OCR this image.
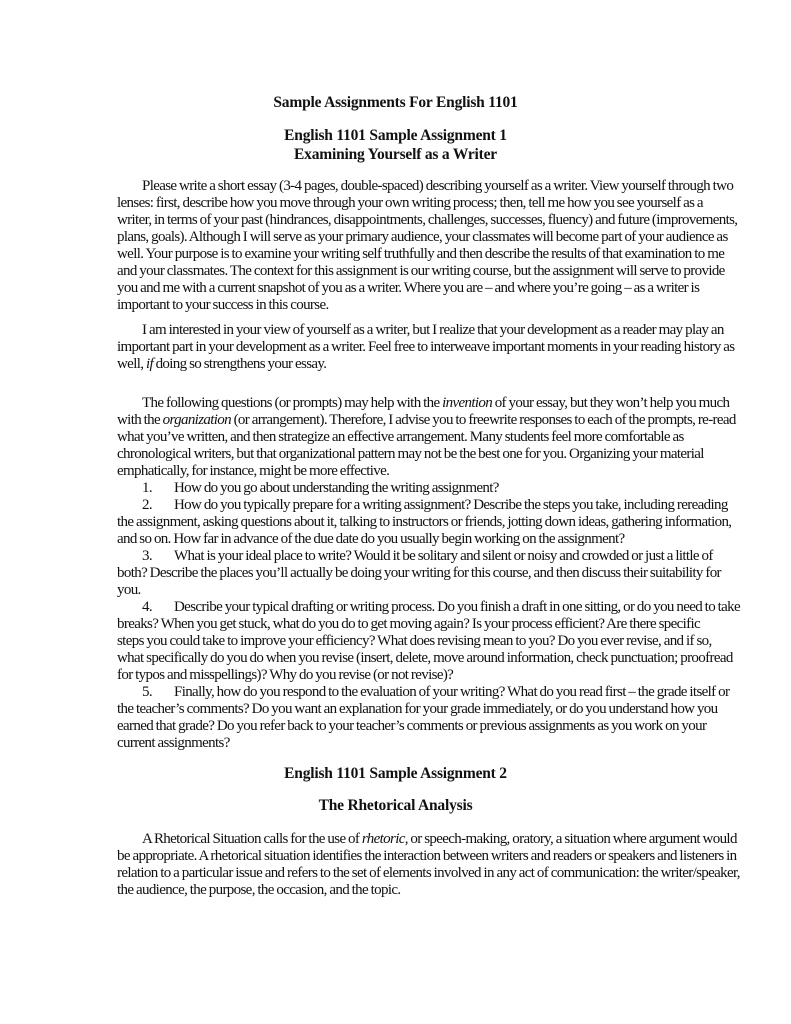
Sample Assignments For English 1101
English 1101 Sample Assignment 1
Examining Yourself as a Writer
Please write a short essay (3-4 pages, double-spaced) describing yourself as a writer. View yourself through two
lenses: first, describe how you move through your own writing process; then, tell me how you see yourself as a
writer, in terms of your past (hindrances, disappointments, challenges, successes, fluency) and future (improvements,
plans, goals). Although I will serve as your primary audience, your classmates will become part of your audience as
well. Your purpose is to examine your writing self truthfully and then describe the results of that examination to me
and your classmates. The context for this assignment is our writing course, but the assignment will serve to provide
you and me with a current snapshot of you as a writer. Where you are – and where you’re going – as a writer is
important to your success in this course.
I am interested in your view of yourself as a writer, but I realize that your development as a reader may play an
important part in your development as a writer. Feel free to interweave important moments in your reading history as
well, if doing so strengthens your essay.
The following questions (or prompts) may help with the invention of your essay, but they won’t help you much
with the organization (or arrangement). Therefore, I advise you to freewrite responses to each of the prompts, re-read
what you’ve written, and then strategize an effective arrangement. Many students feel more comfortable as
chronological writers, but that organizational pattern may not be the best one for you. Organizing your material
emphatically, for instance, might be more effective.
1. How do you go about understanding the writing assignment?
2. How do you typically prepare for a writing assignment? Describe the steps you take, including rereading
the assignment, asking questions about it, talking to instructors or friends, jotting down ideas, gathering information,
and so on. How far in advance of the due date do you usually begin working on the assignment?
3. What is your ideal place to write? Would it be solitary and silent or noisy and crowded or just a little of
both? Describe the places you’ll actually be doing your writing for this course, and then discuss their suitability for
you.
4. Describe your typical drafting or writing process. Do you finish a draft in one sitting, or do you need to take
breaks? When you get stuck, what do you do to get moving again? Is your process efficient? Are there specific
steps you could take to improve your efficiency? What does revising mean to you? Do you ever revise, and if so,
what specifically do you do when you revise (insert, delete, move around information, check punctuation; proofread
for typos and misspellings)? Why do you revise (or not revise)?
5. Finally, how do you respond to the evaluation of your writing? What do you read first – the grade itself or
the teacher’s comments? Do you want an explanation for your grade immediately, or do you understand how you
earned that grade? Do you refer back to your teacher’s comments or previous assignments as you work on your
current assignments?
English 1101 Sample Assignment 2
The Rhetorical Analysis
A Rhetorical Situation calls for the use of rhetoric, or speech-making, oratory, a situation where argument would
be appropriate. A rhetorical situation identifies the interaction between writers and readers or speakers and listeners in
relation to a particular issue and refers to the set of elements involved in any act of communication: the writer/speaker,
the audience, the purpose, the occasion, and the topic.
